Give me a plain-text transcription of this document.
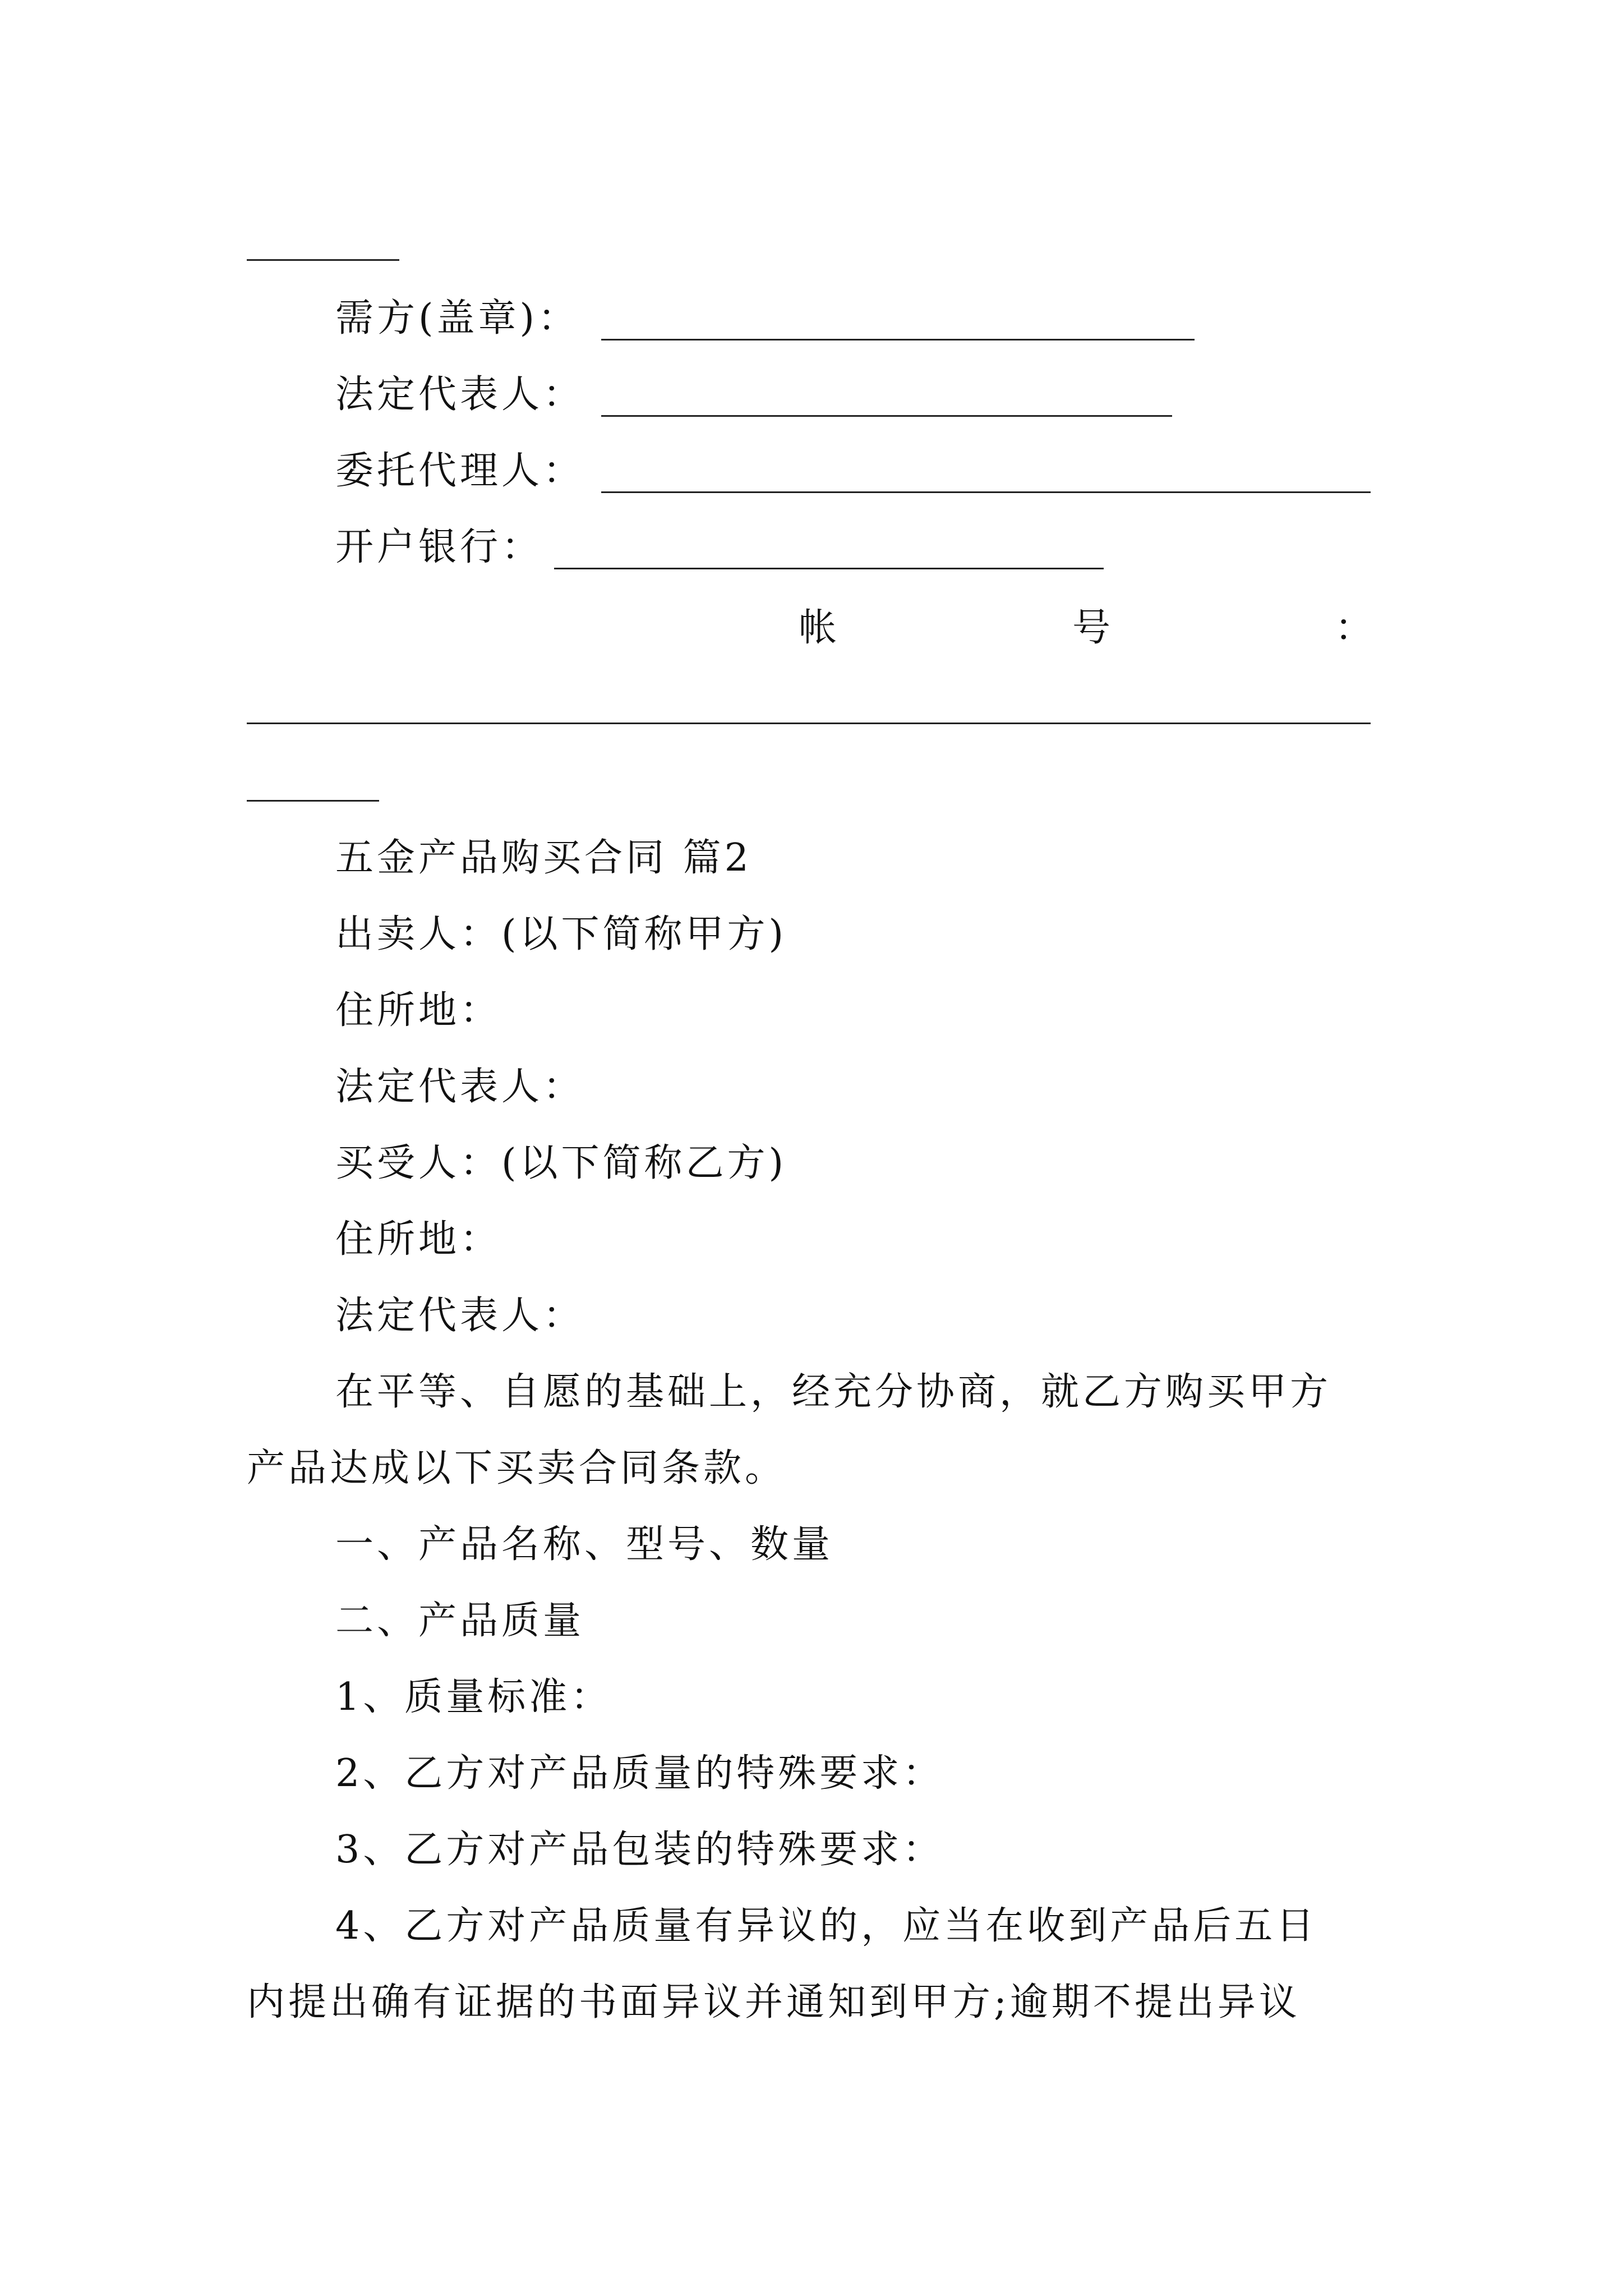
需方(盖章)：
法定代表人：
委托代理人：
开户银行：
帐	号	：
五金产品购买合同 篇2
出卖人：(以下简称甲方)
住所地：
法定代表人：
买受人：(以下简称乙方)
住所地：
法定代表人：
在平等、自愿的基础上，经充分协商，就乙方购买甲方
产品达成以下买卖合同条款。
一、产品名称、型号、数量
二、产品质量
1、质量标准：
2、乙方对产品质量的特殊要求：
3、乙方对产品包装的特殊要求：
4、乙方对产品质量有异议的，应当在收到产品后五日
内提出确有证据的书面异议并通知到甲方;逾期不提出异议
